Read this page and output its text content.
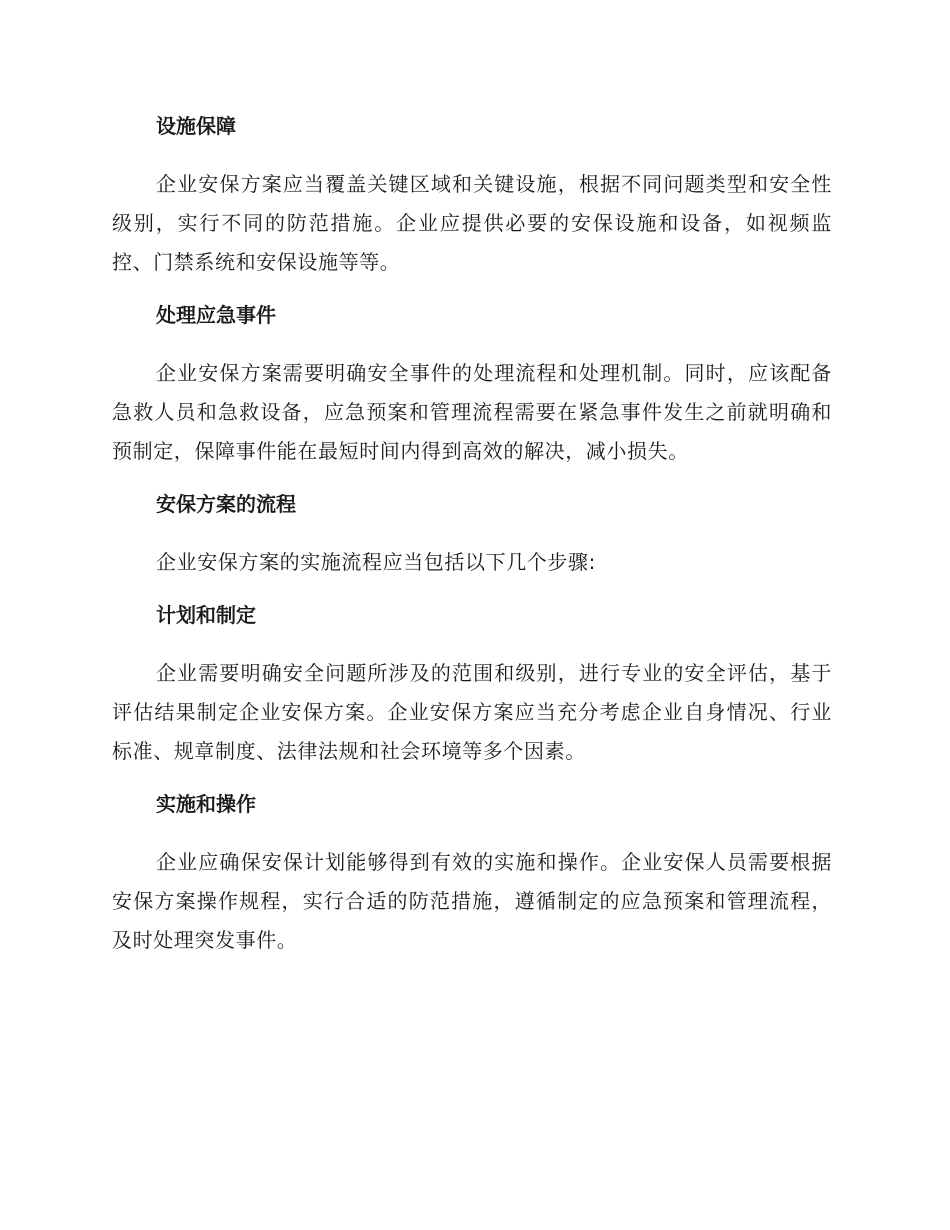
设施保障

企业安保方案应当覆盖关键区域和关键设施，根据不同问题类型和安全性级别，实行不同的防范措施。企业应提供必要的安保设施和设备，如视频监控、门禁系统和安保设施等等。

处理应急事件

企业安保方案需要明确安全事件的处理流程和处理机制。同时，应该配备急救人员和急救设备，应急预案和管理流程需要在紧急事件发生之前就明确和预制定，保障事件能在最短时间内得到高效的解决，减小损失。

安保方案的流程

企业安保方案的实施流程应当包括以下几个步骤:

计划和制定

企业需要明确安全问题所涉及的范围和级别，进行专业的安全评估，基于评估结果制定企业安保方案。企业安保方案应当充分考虑企业自身情况、行业标准、规章制度、法律法规和社会环境等多个因素。

实施和操作

企业应确保安保计划能够得到有效的实施和操作。企业安保人员需要根据安保方案操作规程，实行合适的防范措施，遵循制定的应急预案和管理流程，及时处理突发事件。
